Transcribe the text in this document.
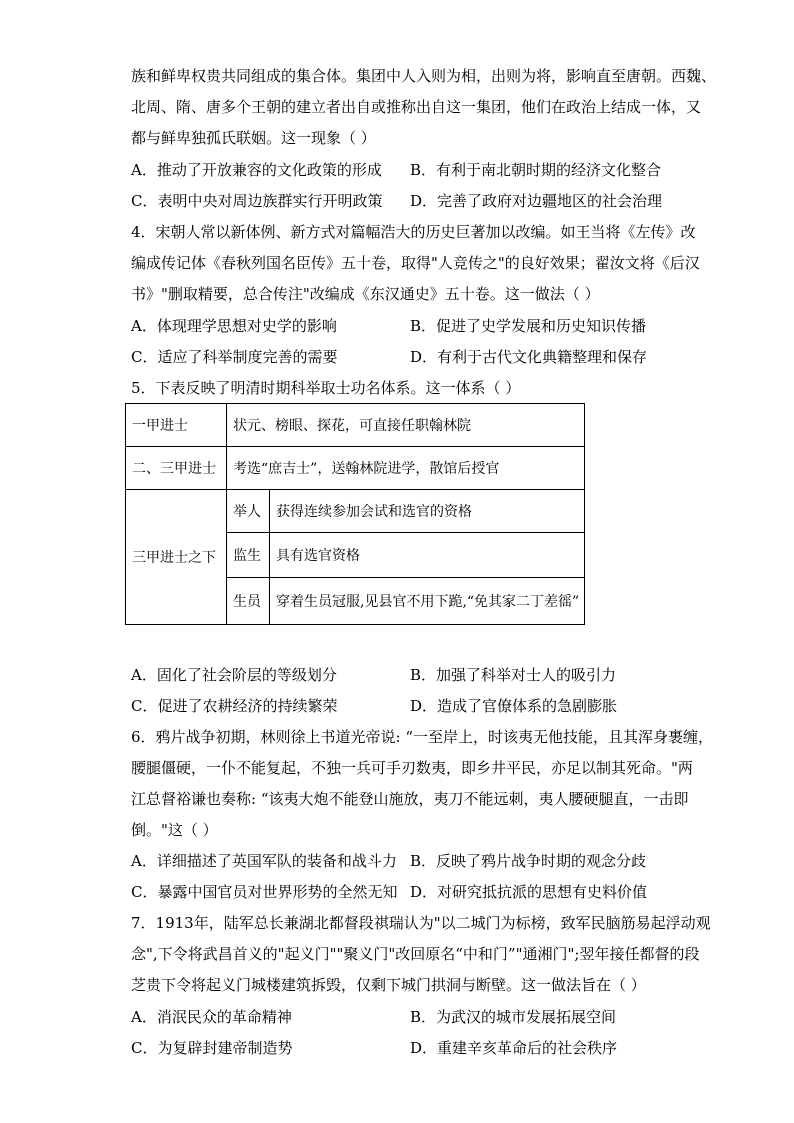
族和鲜卑权贵共同组成的集合体。集团中人入则为相，出则为将，影响直至唐朝。西魏、
北周、隋、唐多个王朝的建立者出自或推称出自这一集团，他们在政治上结成一体，又
都与鲜卑独孤氏联姻。这一现象（ ）
A．推动了开放兼容的文化政策的形成 B．有利于南北朝时期的经济文化整合
C．表明中央对周边族群实行开明政策 D．完善了政府对边疆地区的社会治理
4．宋朝人常以新体例、新方式对篇幅浩大的历史巨著加以改编。如王当将《左传》改
编成传记体《春秋列国名臣传》五十卷，取得"人竞传之"的良好效果；翟汝文将《后汉
书》"删取精要，总合传注"改编成《东汉通史》五十卷。这一做法（ ）
A．体现理学思想对史学的影响	B．促进了史学发展和历史知识传播
C．适应了科举制度完善的需要	D．有利于古代文化典籍整理和保存
5．下表反映了明清时期科举取士功名体系。这一体系（ ）
一甲进士	状元、榜眼、探花，可直接任职翰林院	
二、三甲进士	考选“庶吉士”，送翰林院进学，散馆后授官	
三甲进士之下	举人	获得连续参加会试和选官的资格
	监生	具有选官资格
	生员	穿着生员冠服,见县官不用下跪,“免其家二丁差徭”
A．固化了社会阶层的等级划分	B．加强了科举对士人的吸引力
C．促进了农耕经济的持续繁荣	D．造成了官僚体系的急剧膨胀
6．鸦片战争初期，林则徐上书道光帝说: “一至岸上，时该夷无他技能，且其浑身裹缠，
腰腿僵硬，一仆不能复起，不独一兵可手刃数夷，即乡井平民，亦足以制其死命。"两
江总督裕谦也奏称: “该夷大炮不能登山施放，夷刀不能远刺，夷人腰硬腿直，一击即
倒。"这（ ）
A．详细描述了英国军队的装备和战斗力 B．反映了鸦片战争时期的观念分歧
C．暴露中国官员对世界形势的全然无知 D．对研究抵抗派的思想有史料价值
7．1913年，陆军总长兼湖北都督段祺瑞认为"以二城门为标榜，致军民脑筋易起浮动观
念",下令将武昌首义的"起义门""聚义门"改回原名“中和门”"通湘门";翌年接任都督的段
芝贵下令将起义门城楼建筑拆毁，仅剩下城门拱洞与断壁。这一做法旨在（ ）
A．消泯民众的革命精神	B．为武汉的城市发展拓展空间
C．为复辟封建帝制造势	D．重建辛亥革命后的社会秩序
